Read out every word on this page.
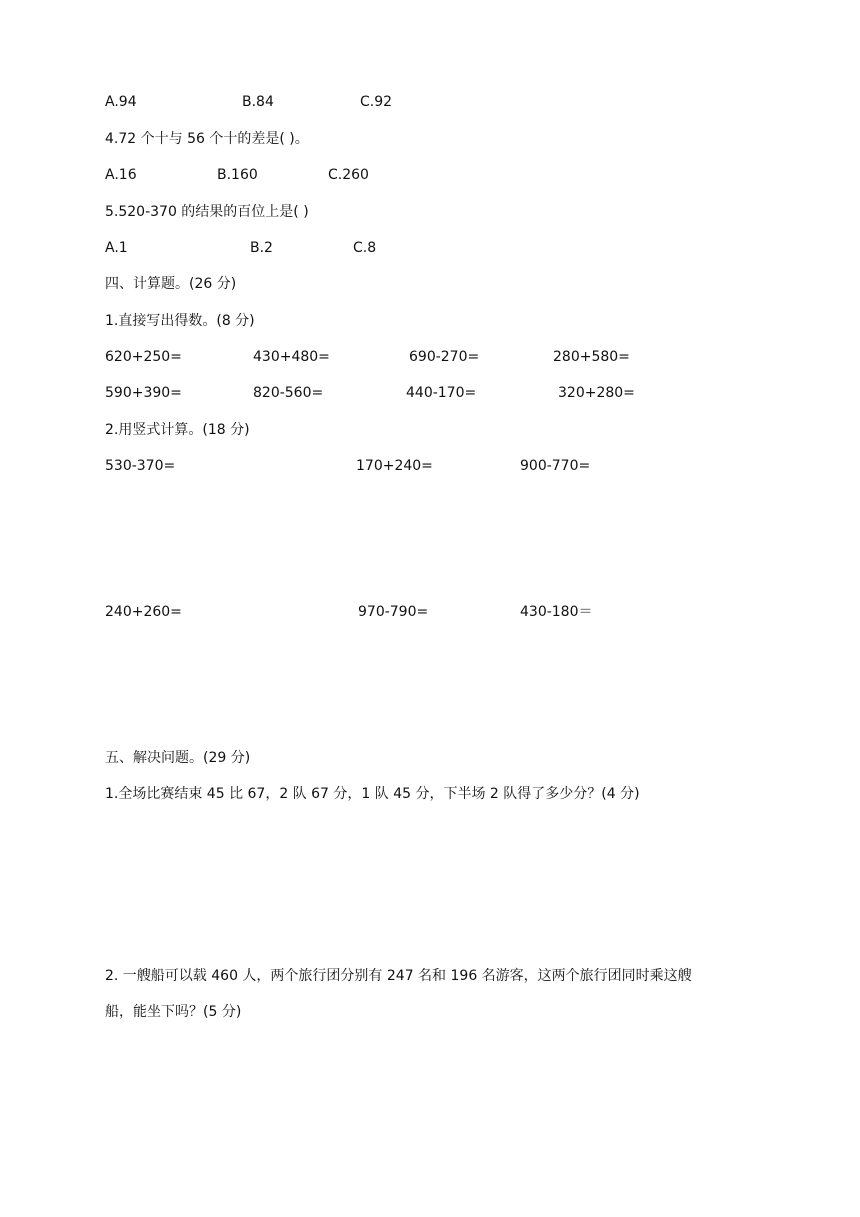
A.94	B.84	C.92
4.72 个十与 56 个十的差是( )。
A.16	B.160	C.260
5.520-370 的结果的百位上是( )
A.1	B.2	C.8
四、计算题。(26 分)
1.直接写出得数。(8 分)
620+250=	430+480=	690-270=	280+580=
590+390=	820-560=	440-170=	320+280=
2.用竖式计算。(18 分)
530-370=	170+240=	900-770=
240+260=	970-790=	430-180＝
五、解决问题。(29 分)
1.全场比赛结束 45 比 67，2 队 67 分，1 队 45 分，下半场 2 队得了多少分？(4 分)
2. 一艘船可以载 460 人，两个旅行团分别有 247 名和 196 名游客，这两个旅行团同时乘这艘
船，能坐下吗？(5 分)
